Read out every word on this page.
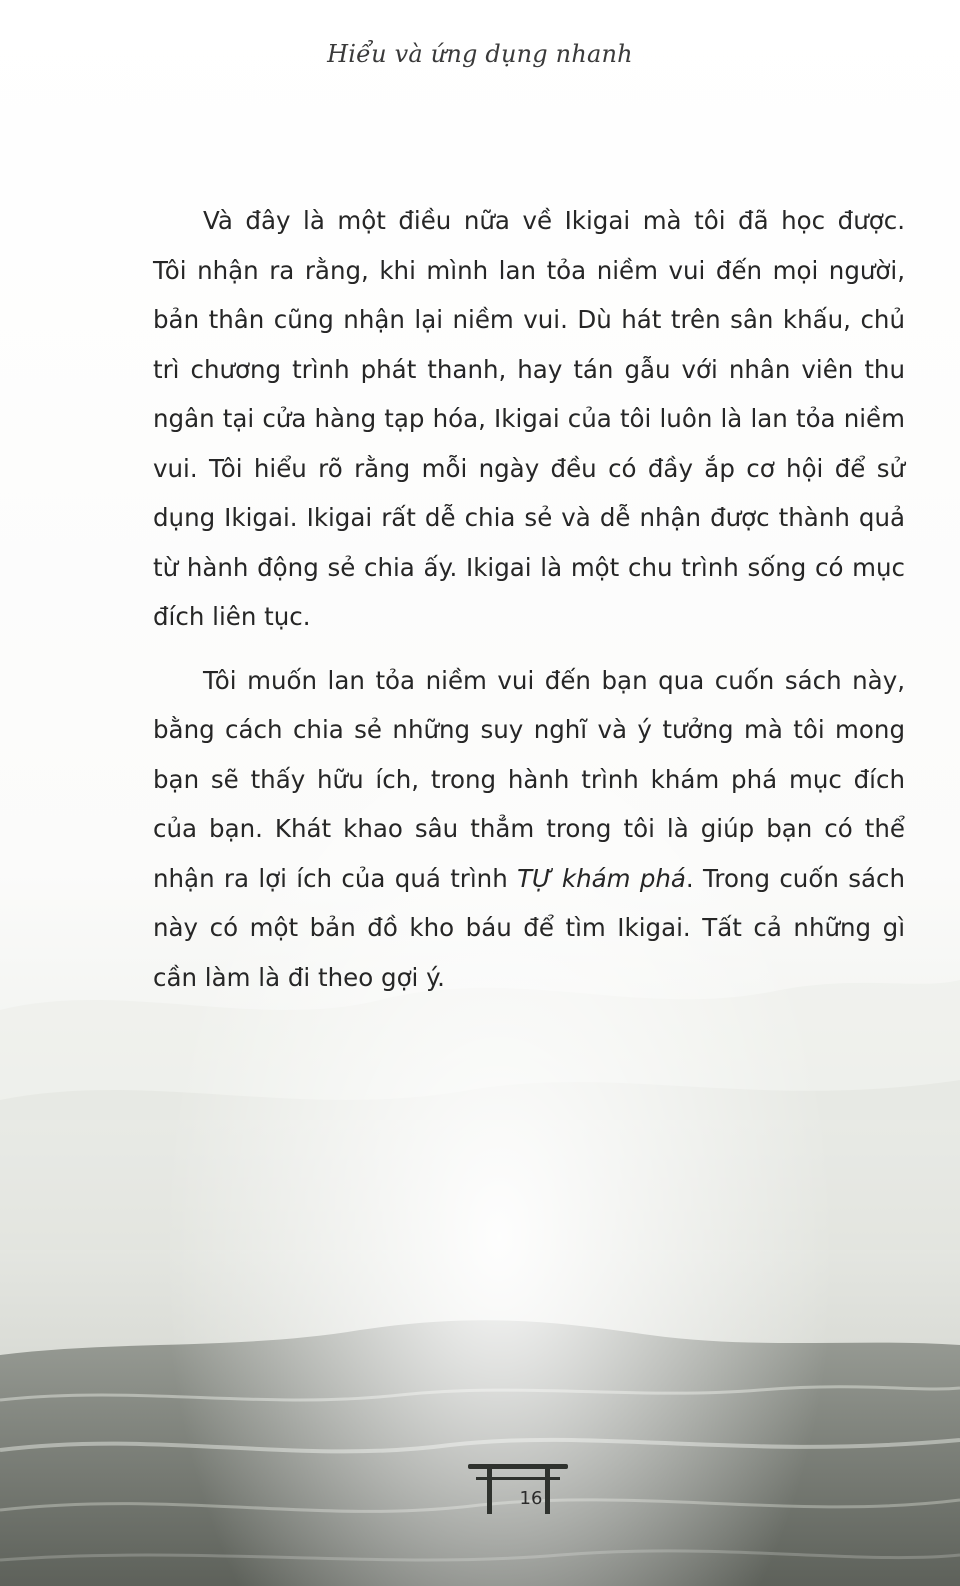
Hiểu và ứng dụng nhanh
Và đây là một điều nữa về Ikigai mà tôi đã học được.
Tôi nhận ra rằng, khi mình lan tỏa niềm vui đến mọi người,
bản thân cũng nhận lại niềm vui. Dù hát trên sân khấu, chủ
trì chương trình phát thanh, hay tán gẫu với nhân viên thu
ngân tại cửa hàng tạp hóa, Ikigai của tôi luôn là lan tỏa niềm
vui. Tôi hiểu rõ rằng mỗi ngày đều có đầy ắp cơ hội để sử
dụng Ikigai. Ikigai rất dễ chia sẻ và dễ nhận được thành quả
từ hành động sẻ chia ấy. Ikigai là một chu trình sống có mục
đích liên tục.
Tôi muốn lan tỏa niềm vui đến bạn qua cuốn sách này,
bằng cách chia sẻ những suy nghĩ và ý tưởng mà tôi mong
bạn sẽ thấy hữu ích, trong hành trình khám phá mục đích
của bạn. Khát khao sâu thẳm trong tôi là giúp bạn có thể
nhận ra lợi ích của quá trình TỰ khám phá. Trong cuốn sách
này có một bản đồ kho báu để tìm Ikigai. Tất cả những gì
cần làm là đi theo gợi ý.
16
